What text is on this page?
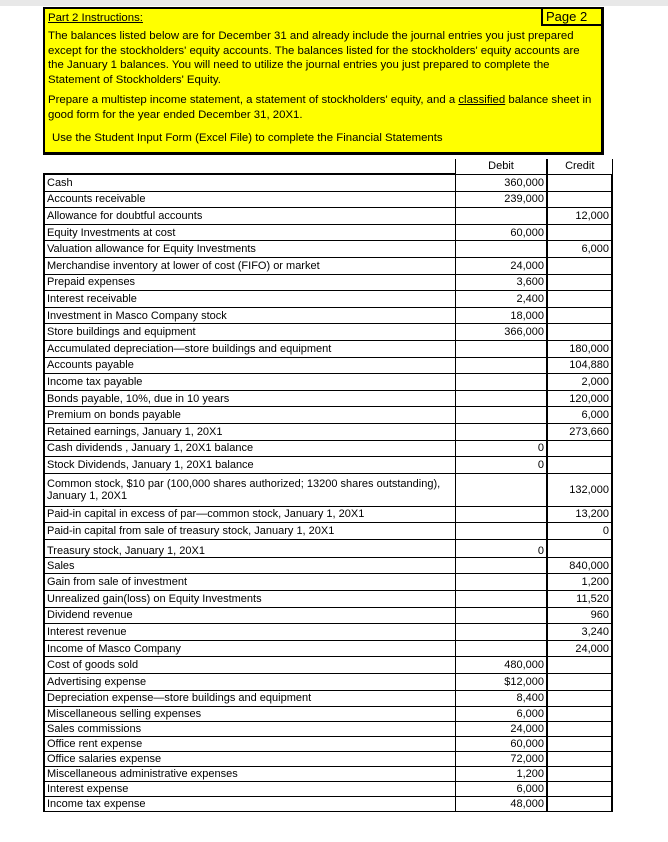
Part 2 Instructions:	Page 2

The balances listed below are for December 31 and already include the journal entries you just prepared except for the stockholders' equity accounts. The balances listed for the stockholders' equity accounts are the January 1 balances. You will need to utilize the journal entries you just prepared to complete the Statement of Stockholders' Equity.

Prepare a multistep income statement, a statement of stockholders' equity, and a classified balance sheet in good form for the year ended December 31, 20X1.

Use the Student Input Form (Excel File) to complete the Financial Statements

	Debit	Credit
Cash	360,000	
Accounts receivable	239,000	
Allowance for doubtful accounts		12,000
Equity Investments at cost	60,000	
Valuation allowance for Equity Investments		6,000
Merchandise inventory at lower of cost (FIFO) or market	24,000	
Prepaid expenses	3,600	
Interest receivable	2,400	
Investment in Masco Company stock	18,000	
Store buildings and equipment	366,000	
Accumulated depreciation—store buildings and equipment		180,000
Accounts payable		104,880
Income tax payable		2,000
Bonds payable, 10%, due in 10 years		120,000
Premium on bonds payable		6,000
Retained earnings, January 1, 20X1		273,660
Cash dividends , January 1, 20X1 balance	0	
Stock Dividends, January 1, 20X1 balance	0	
Common stock, $10 par (100,000 shares authorized; 13200 shares outstanding), January 1, 20X1		132,000
Paid-in capital in excess of par—common stock, January 1, 20X1		13,200
Paid-in capital from sale of treasury stock, January 1, 20X1		0
Treasury stock, January 1, 20X1	0	
Sales		840,000
Gain from sale of investment		1,200
Unrealized gain(loss) on Equity Investments		11,520
Dividend revenue		960
Interest revenue		3,240
Income of Masco Company		24,000
Cost of goods sold	480,000	
Advertising expense	$12,000	
Depreciation expense—store buildings and equipment	8,400	
Miscellaneous selling expenses	6,000	
Sales commissions	24,000	
Office rent expense	60,000	
Office salaries expense	72,000	
Miscellaneous administrative expenses	1,200	
Interest expense	6,000	
Income tax expense	48,000	
